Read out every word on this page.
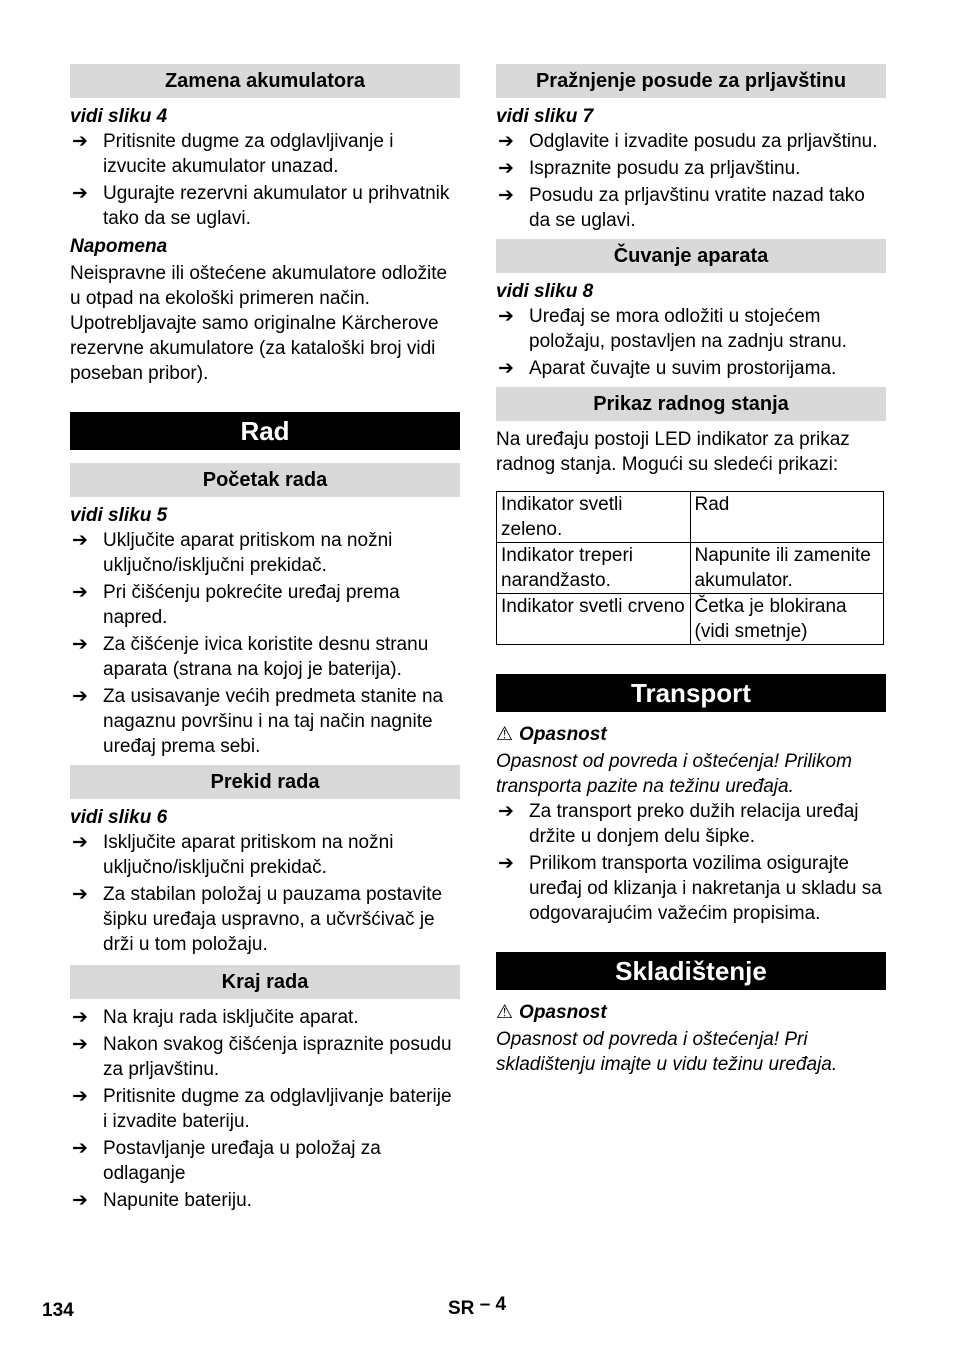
Zamena akumulatora
vidi sliku 4
➔ Pritisnite dugme za odglavljivanje i izvucite akumulator unazad.
➔ Ugurajte rezervni akumulator u prihvatnik tako da se uglavi.
Napomena
Neispravne ili oštećene akumulatore odložite u otpad na ekološki primeren način. Upotrebljavajte samo originalne Kärcherove rezervne akumulatore (za kataloški broj vidi poseban pribor).
Rad
Početak rada
vidi sliku 5
➔ Uključite aparat pritiskom na nožni uključno/isključni prekidač.
➔ Pri čišćenju pokrećite uređaj prema napred.
➔ Za čišćenje ivica koristite desnu stranu aparata (strana na kojoj je baterija).
➔ Za usisavanje većih predmeta stanite na nagaznu površinu i na taj način nagnite uređaj prema sebi.
Prekid rada
vidi sliku 6
➔ Isključite aparat pritiskom na nožni uključno/isključni prekidač.
➔ Za stabilan položaj u pauzama postavite šipku uređaja uspravno, a učvršćivač je drži u tom položaju.
Kraj rada
➔ Na kraju rada isključite aparat.
➔ Nakon svakog čišćenja ispraznite posudu za prljavštinu.
➔ Pritisnite dugme za odglavljivanje baterije i izvadite bateriju.
➔ Postavljanje uređaja u položaj za odlaganje
➔ Napunite bateriju.
Pražnjenje posude za prljavštinu
vidi sliku 7
➔ Odglavite i izvadite posudu za prljavštinu.
➔ Ispraznite posudu za prljavštinu.
➔ Posudu za prljavštinu vratite nazad tako da se uglavi.
Čuvanje aparata
vidi sliku 8
➔ Uređaj se mora odložiti u stojećem položaju, postavljen na zadnju stranu.
➔ Aparat čuvajte u suvim prostorijama.
Prikaz radnog stanja
Na uređaju postoji LED indikator za prikaz radnog stanja. Mogući su sledeći prikazi:
Indikator svetli zeleno.	Rad
Indikator treperi narandžasto.	Napunite ili zamenite akumulator.
Indikator svetli crveno	Četka je blokirana (vidi smetnje)
Transport
⚠ Opasnost
Opasnost od povreda i oštećenja! Prilikom transporta pazite na težinu uređaja.
➔ Za transport preko dužih relacija uređaj držite u donjem delu šipke.
➔ Prilikom transporta vozilima osigurajte uređaj od klizanja i nakretanja u skladu sa odgovarajućim važećim propisima.
Skladištenje
⚠ Opasnost
Opasnost od povreda i oštećenja! Pri skladištenju imajte u vidu težinu uređaja.
134	SR – 4
